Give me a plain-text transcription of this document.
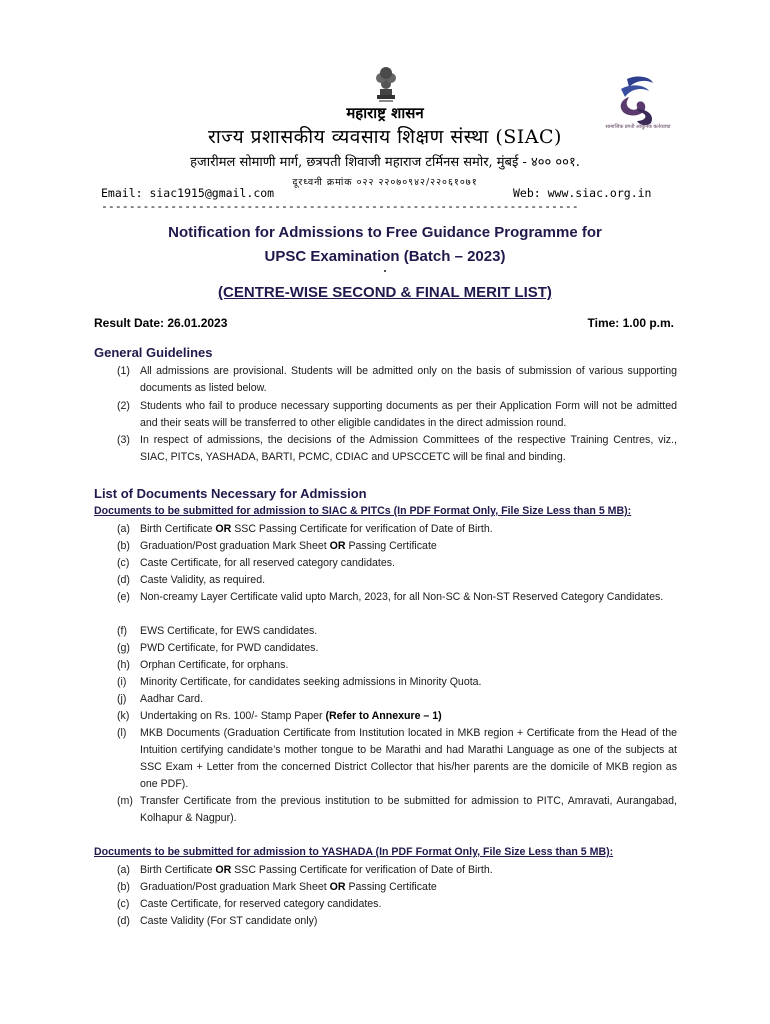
सामाजिक प्रगती आधुनिक कर्तव्याचा
महाराष्ट्र शासन
राज्य प्रशासकीय व्यवसाय शिक्षण संस्था (SIAC)
हजारीमल सोमाणी मार्ग, छत्रपती शिवाजी महाराज टर्मिनस समोर, मुंबई - ४०० ००१.
दूरध्वनी क्रमांक ०२२ २२०७०९४२/२२०६१०७१
Email: siac1915@gmail.com	Web: www.siac.org.in
---------------------------------------------------------------------
Notification for Admissions to Free Guidance Programme for
UPSC Examination (Batch – 2023)
(CENTRE-WISE SECOND & FINAL MERIT LIST)
Result Date: 26.01.2023	Time: 1.00 p.m.
General Guidelines
(1) All admissions are provisional. Students will be admitted only on the basis of submission of various supporting documents as listed below.
(2) Students who fail to produce necessary supporting documents as per their Application Form will not be admitted and their seats will be transferred to other eligible candidates in the direct admission round.
(3) In respect of admissions, the decisions of the Admission Committees of the respective Training Centres, viz., SIAC, PITCs, YASHADA, BARTI, PCMC, CDIAC and UPSCCETC will be final and binding.
List of Documents Necessary for Admission
Documents to be submitted for admission to SIAC & PITCs (In PDF Format Only, File Size Less than 5 MB):
(a) Birth Certificate OR SSC Passing Certificate for verification of Date of Birth.
(b) Graduation/Post graduation Mark Sheet OR Passing Certificate
(c) Caste Certificate, for all reserved category candidates.
(d) Caste Validity, as required.
(e) Non-creamy Layer Certificate valid upto March, 2023, for all Non-SC & Non-ST Reserved Category Candidates.
(f) EWS Certificate, for EWS candidates.
(g) PWD Certificate, for PWD candidates.
(h) Orphan Certificate, for orphans.
(i) Minority Certificate, for candidates seeking admissions in Minority Quota.
(j) Aadhar Card.
(k) Undertaking on Rs. 100/- Stamp Paper (Refer to Annexure – 1)
(l) MKB Documents (Graduation Certificate from Institution located in MKB region + Certificate from the Head of the Intuition certifying candidate’s mother tongue to be Marathi and had Marathi Language as one of the subjects at SSC Exam + Letter from the concerned District Collector that his/her parents are the domicile of MKB region as one PDF).
(m) Transfer Certificate from the previous institution to be submitted for admission to PITC, Amravati, Aurangabad, Kolhapur & Nagpur).
Documents to be submitted for admission to YASHADA (In PDF Format Only, File Size Less than 5 MB):
(a) Birth Certificate OR SSC Passing Certificate for verification of Date of Birth.
(b) Graduation/Post graduation Mark Sheet OR Passing Certificate
(c) Caste Certificate, for reserved category candidates.
(d) Caste Validity (For ST candidate only)
